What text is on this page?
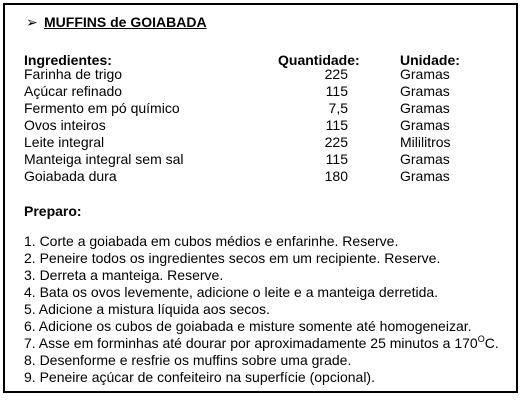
➢ MUFFINS de GOIABADA
Ingredientes:	Quantidade:	Unidade:
Farinha de trigo	225	Gramas
Açúcar refinado	115	Gramas
Fermento em pó químico	7,5	Gramas
Ovos inteiros	115	Gramas
Leite integral	225	Mililitros
Manteiga integral sem sal	115	Gramas
Goiabada dura	180	Gramas
Preparo:
1. Corte a goiabada em cubos médios e enfarinhe. Reserve.
2. Peneire todos os ingredientes secos em um recipiente. Reserve.
3. Derreta a manteiga. Reserve.
4. Bata os ovos levemente, adicione o leite e a manteiga derretida.
5. Adicione a mistura líquida aos secos.
6. Adicione os cubos de goiabada e misture somente até homogeneizar.
7. Asse em forminhas até dourar por aproximadamente 25 minutos a $170^OC$.
8. Desenforme e resfrie os muffins sobre uma grade.
9. Peneire açúcar de confeiteiro na superfície (opcional).
